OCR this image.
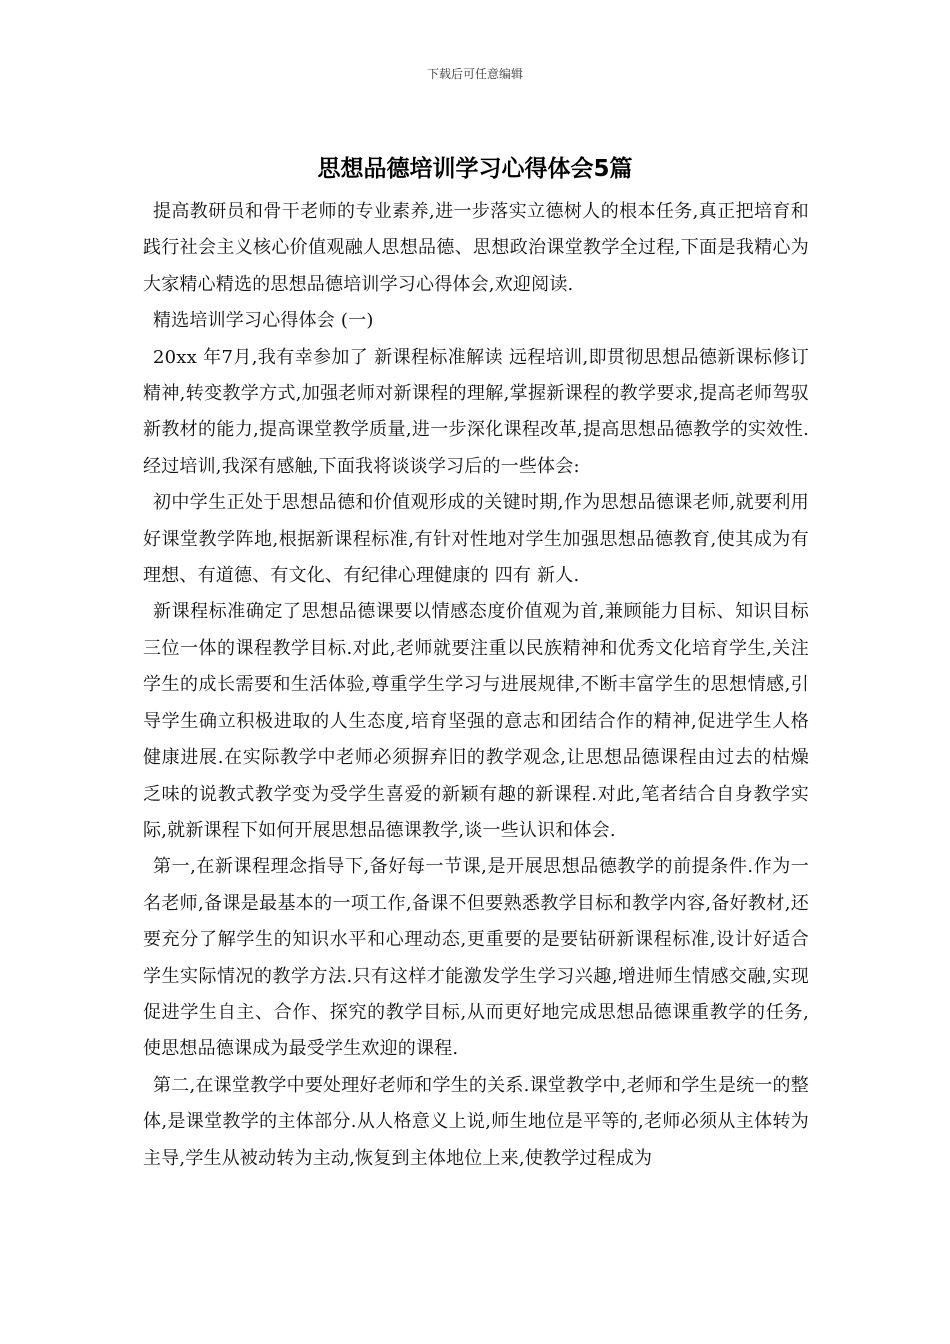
下载后可任意编辑
思想品德培训学习心得体会5篇

提高教研员和骨干老师的专业素养,进一步落实立德树人的根本任务,真正把培育和践行社会主义核心价值观融人思想品德、思想政治课堂教学全过程,下面是我精心为大家精心精选的思想品德培训学习心得体会,欢迎阅读.

精选培训学习心得体会 (一)

20xx 年7月,我有幸参加了 新课程标准解读 远程培训,即贯彻思想品德新课标修订精神,转变教学方式,加强老师对新课程的理解,掌握新课程的教学要求,提高老师驾驭新教材的能力,提高课堂教学质量,进一步深化课程改革,提高思想品德教学的实效性.经过培训,我深有感触,下面我将谈谈学习后的一些体会:

初中学生正处于思想品德和价值观形成的关键时期,作为思想品德课老师,就要利用好课堂教学阵地,根据新课程标准,有针对性地对学生加强思想品德教育,使其成为有理想、有道德、有文化、有纪律心理健康的 四有 新人.

新课程标准确定了思想品德课要以情感态度价值观为首,兼顾能力目标、知识目标三位一体的课程教学目标.对此,老师就要注重以民族精神和优秀文化培育学生,关注学生的成长需要和生活体验,尊重学生学习与进展规律,不断丰富学生的思想情感,引导学生确立积极进取的人生态度,培育坚强的意志和团结合作的精神,促进学生人格健康进展.在实际教学中老师必须摒弃旧的教学观念,让思想品德课程由过去的枯燥乏味的说教式教学变为受学生喜爱的新颖有趣的新课程.对此,笔者结合自身教学实际,就新课程下如何开展思想品德课教学,谈一些认识和体会.

第一,在新课程理念指导下,备好每一节课,是开展思想品德教学的前提条件.作为一名老师,备课是最基本的一项工作,备课不但要熟悉教学目标和教学内容,备好教材,还要充分了解学生的知识水平和心理动态,更重要的是要钻研新课程标准,设计好适合学生实际情况的教学方法.只有这样才能激发学生学习兴趣,增进师生情感交融,实现促进学生自主、合作、探究的教学目标,从而更好地完成思想品德课重教学的任务,使思想品德课成为最受学生欢迎的课程.

第二,在课堂教学中要处理好老师和学生的关系.课堂教学中,老师和学生是统一的整体,是课堂教学的主体部分.从人格意义上说,师生地位是平等的,老师必须从主体转为主导,学生从被动转为主动,恢复到主体地位上来,使教学过程成为
